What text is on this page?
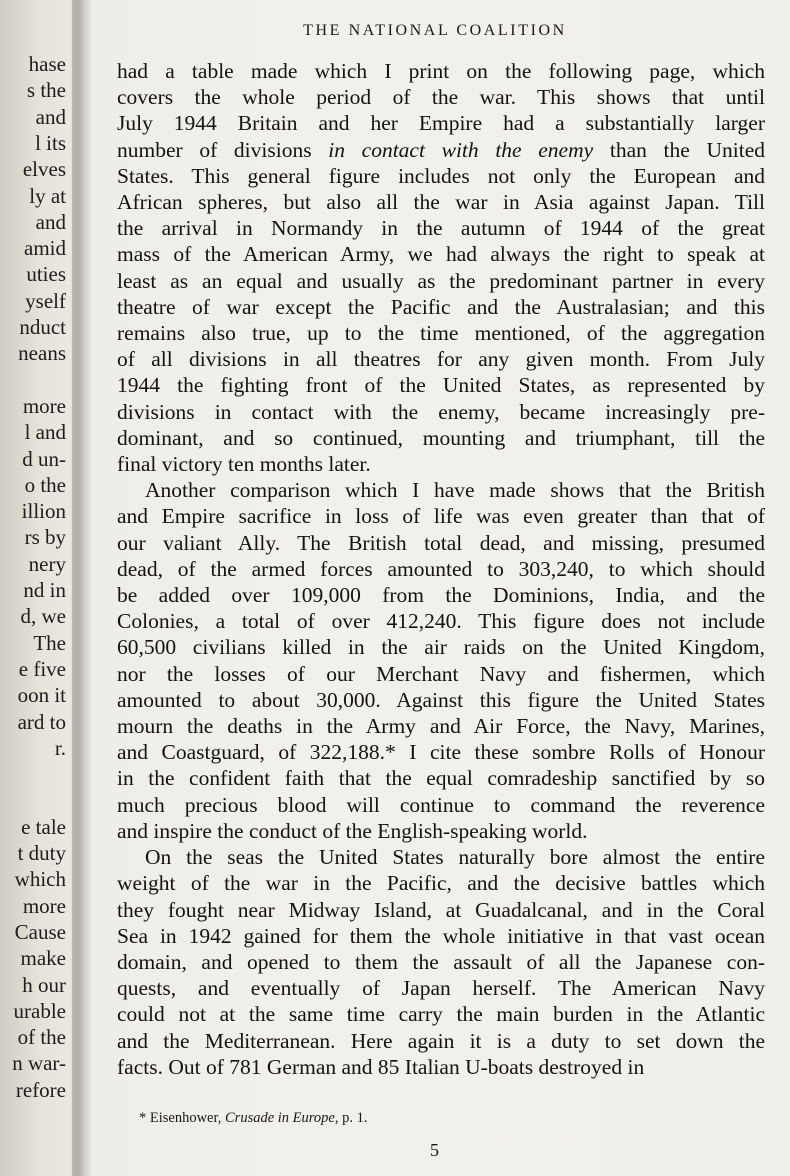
hase
s the
and
l its
elves
ly at
and
amid
uties
yself
nduct
neans
more
l and
d un-
o the
illion
rs by
nery
nd in
d, we
The
e five
oon it
ard to
r.
e tale
t duty
which
more
Cause
make
h our
urable
of the
n war-
refore
THE NATIONAL COALITION
had a table made which I print on the following page, which
covers the whole period of the war. This shows that until
July 1944 Britain and her Empire had a substantially larger
number of divisions in contact with the enemy than the United
States. This general figure includes not only the European and
African spheres, but also all the war in Asia against Japan. Till
the arrival in Normandy in the autumn of 1944 of the great
mass of the American Army, we had always the right to speak at
least as an equal and usually as the predominant partner in every
theatre of war except the Pacific and the Australasian; and this
remains also true, up to the time mentioned, of the aggregation
of all divisions in all theatres for any given month. From July
1944 the fighting front of the United States, as represented by
divisions in contact with the enemy, became increasingly pre-
dominant, and so continued, mounting and triumphant, till the
final victory ten months later.
Another comparison which I have made shows that the British
and Empire sacrifice in loss of life was even greater than that of
our valiant Ally. The British total dead, and missing, presumed
dead, of the armed forces amounted to 303,240, to which should
be added over 109,000 from the Dominions, India, and the
Colonies, a total of over 412,240. This figure does not include
60,500 civilians killed in the air raids on the United Kingdom,
nor the losses of our Merchant Navy and fishermen, which
amounted to about 30,000. Against this figure the United States
mourn the deaths in the Army and Air Force, the Navy, Marines,
and Coastguard, of 322,188.* I cite these sombre Rolls of Honour
in the confident faith that the equal comradeship sanctified by so
much precious blood will continue to command the reverence
and inspire the conduct of the English-speaking world.
On the seas the United States naturally bore almost the entire
weight of the war in the Pacific, and the decisive battles which
they fought near Midway Island, at Guadalcanal, and in the Coral
Sea in 1942 gained for them the whole initiative in that vast ocean
domain, and opened to them the assault of all the Japanese con-
quests, and eventually of Japan herself. The American Navy
could not at the same time carry the main burden in the Atlantic
and the Mediterranean. Here again it is a duty to set down the
facts. Out of 781 German and 85 Italian U-boats destroyed in
* Eisenhower, Crusade in Europe, p. 1.
5
